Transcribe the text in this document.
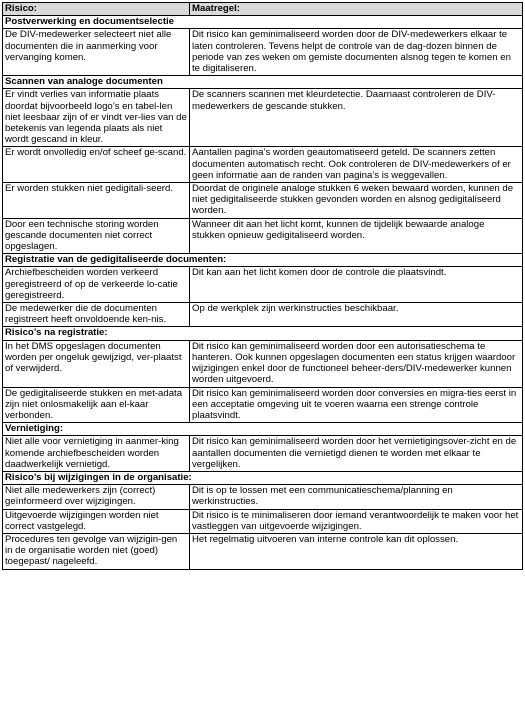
Risico:	Maatregel:
Postverwerking en documentselectie	
De DIV-medewerker selecteert niet alle documenten die in aanmerking voor vervanging komen.	Dit risico kan geminimaliseerd worden door de DIV-medewerkers elkaar te laten controleren. Tevens helpt de controle van de dag-dozen binnen de periode van zes weken om gemiste documenten alsnog tegen te komen en te digitaliseren.
Scannen van analoge documenten	
Er vindt verlies van informatie plaats doordat bijvoorbeeld logo’s en tabel-len niet leesbaar zijn of er vindt ver-lies van de betekenis van legenda plaats als niet wordt gescand in kleur.	De scanners scannen met kleurdetectie. Daarnaast controleren de DIV-medewerkers de gescande stukken.
Er wordt onvolledig en/of scheef ge-scand.	Aantallen pagina’s worden geautomatiseerd geteld. De scanners zetten documenten automatisch recht. Ook controleren de DIV-medewerkers of er geen informatie aan de randen van pagina’s is weggevallen.
Er worden stukken niet gedigitali-seerd.	Doordat de originele analoge stukken 6 weken bewaard worden, kunnen de niet gedigitaliseerde stukken gevonden worden en alsnog gedigitaliseerd worden.
Door een technische storing worden gescande documenten niet correct opgeslagen.	Wanneer dit aan het licht komt, kunnen de tijdelijk bewaarde analoge stukken opnieuw gedigitaliseerd worden.
Registratie van de gedigitaliseerde documenten:	
Archiefbescheiden worden verkeerd geregistreerd of op de verkeerde lo-catie geregistreerd.	Dit kan aan het licht komen door de controle die plaatsvindt.
De medewerker die de documenten registreert heeft onvoldoende ken-nis.	Op de werkplek zijn werkinstructies beschikbaar.
Risico’s na registratie:	
In het DMS opgeslagen documenten worden per ongeluk gewijzigd, ver-plaatst of verwijderd.	Dit risico kan geminimaliseerd worden door een autorisatieschema te hanteren. Ook kunnen opgeslagen documenten een status krijgen waardoor wijzigingen enkel door de functioneel beheer-ders/DIV-medewerker kunnen worden uitgevoerd.
De gedigitaliseerde stukken en met-adata zijn niet onlosmakelijk aan el-kaar verbonden.	Dit risico kan geminimaliseerd worden door conversies en migra-ties eerst in een acceptatie omgeving uit te voeren waarna een strenge controle plaatsvindt.
Vernietiging:	
Niet alle voor vernietiging in aanmer-king komende archiefbescheiden worden daadwerkelijk vernietigd.	Dit risico kan geminimaliseerd worden door het vernietigingsover-zicht en de aantallen documenten die vernietigd dienen te worden met elkaar te vergelijken.
Risico’s bij wijzigingen in de organisatie:	
Niet alle medewerkers zijn (correct) geïnformeerd over wijzigingen.	Dit is op te lossen met een communicatieschema/planning en werkinstructies.
Uitgevoerde wijzigingen worden niet correct vastgelegd.	Dit risico is te minimaliseren door iemand verantwoordelijk te maken voor het vastleggen van uitgevoerde wijzigingen.
Procedures ten gevolge van wijzigin-gen in de organisatie worden niet (goed) toegepast/ nageleefd.	Het regelmatig uitvoeren van interne controle kan dit oplossen.
